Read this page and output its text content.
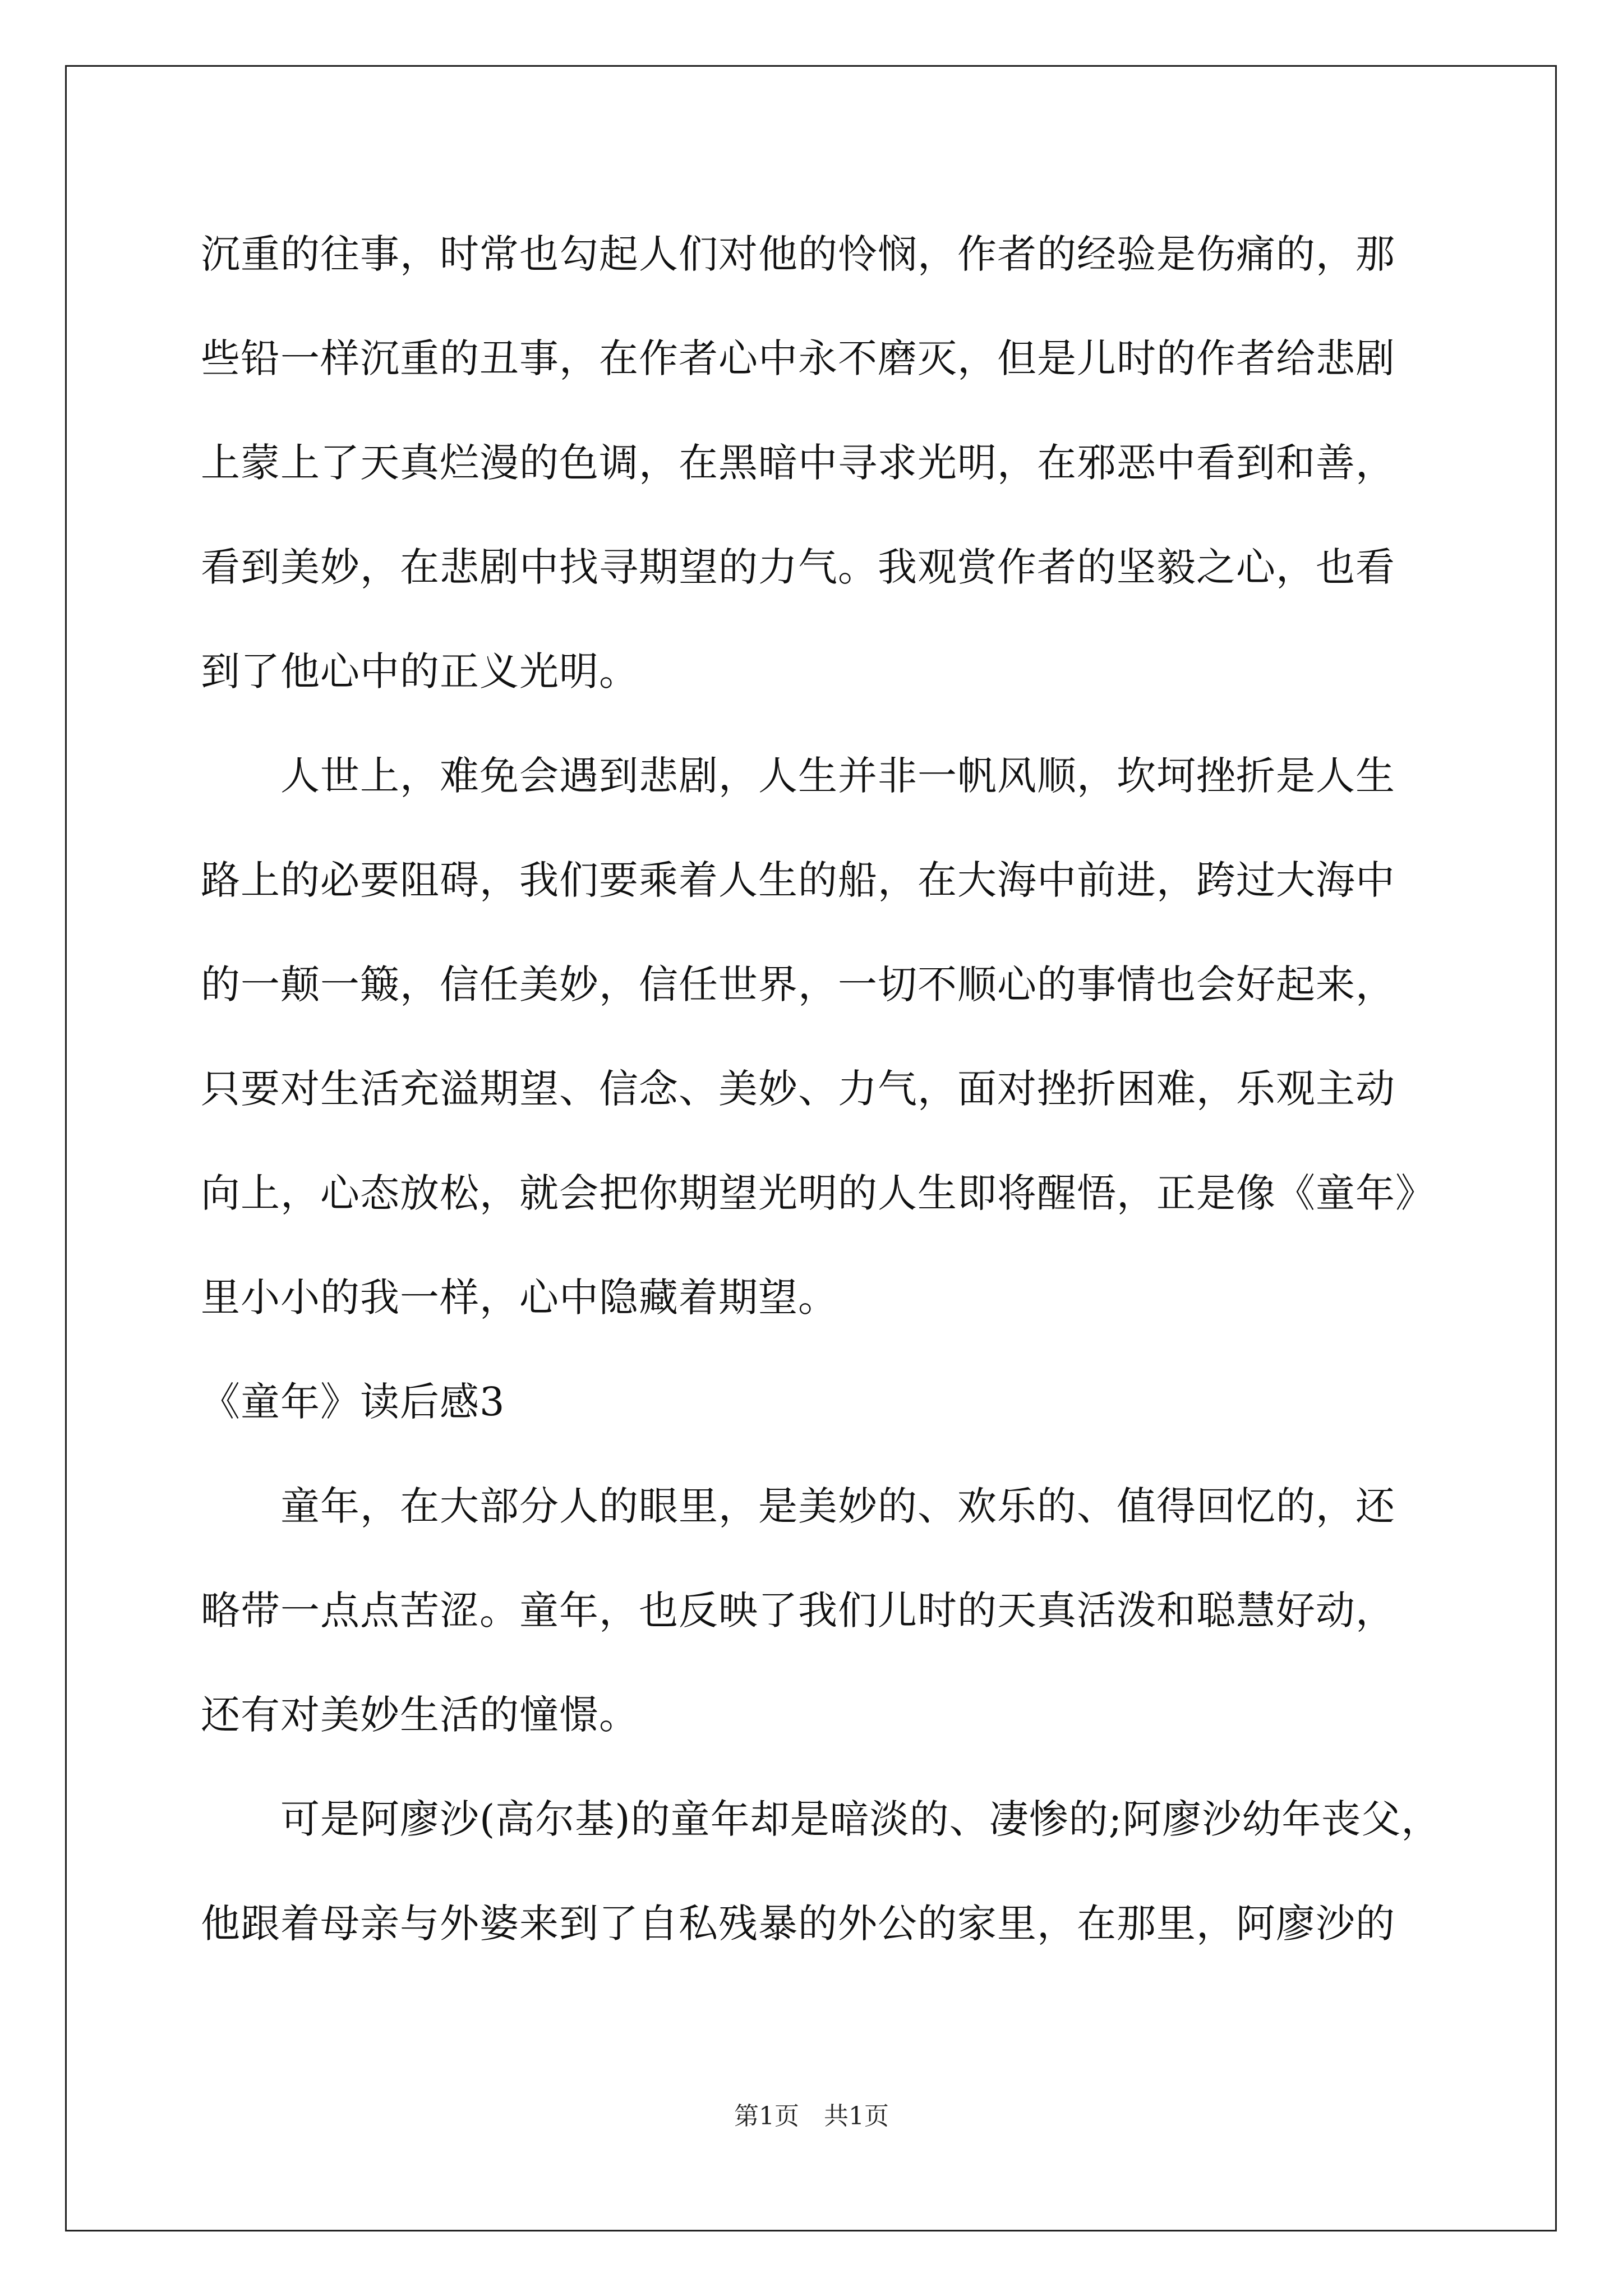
沉重的往事，时常也勾起人们对他的怜悯，作者的经验是伤痛的，那
些铅一样沉重的丑事，在作者心中永不磨灭，但是儿时的作者给悲剧
上蒙上了天真烂漫的色调，在黑暗中寻求光明，在邪恶中看到和善，
看到美妙，在悲剧中找寻期望的力气。我观赏作者的坚毅之心，也看
到了他心中的正义光明。
　　人世上，难免会遇到悲剧，人生并非一帆风顺，坎坷挫折是人生
路上的必要阻碍，我们要乘着人生的船，在大海中前进，跨过大海中
的一颠一簸，信任美妙，信任世界，一切不顺心的事情也会好起来，
只要对生活充溢期望、信念、美妙、力气，面对挫折困难，乐观主动
向上，心态放松，就会把你期望光明的人生即将醒悟，正是像《童年》
里小小的我一样，心中隐藏着期望。
《童年》读后感3
　　童年，在大部分人的眼里，是美妙的、欢乐的、值得回忆的，还
略带一点点苦涩。童年，也反映了我们儿时的天真活泼和聪慧好动，
还有对美妙生活的憧憬。
　　可是阿廖沙(高尔基)的童年却是暗淡的、凄惨的;阿廖沙幼年丧父，
他跟着母亲与外婆来到了自私残暴的外公的家里，在那里，阿廖沙的
第1页　共1页
